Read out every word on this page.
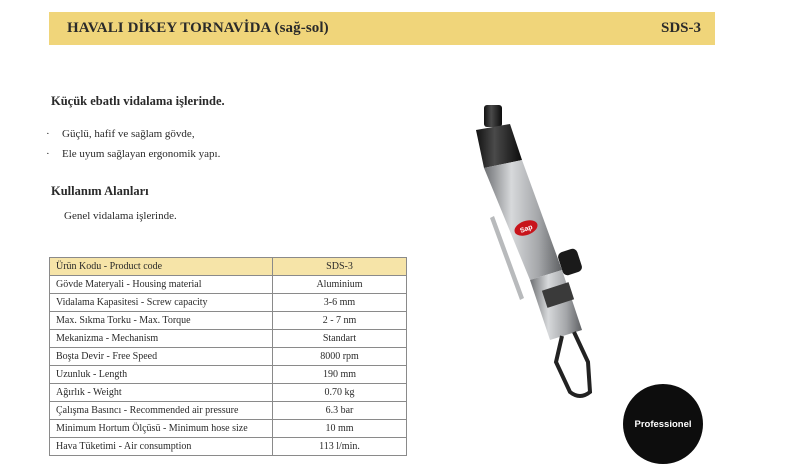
HAVALI DİKEY TORNAVİDA (sağ-sol)	SDS-3
Küçük ebatlı vidalama işlerinde.
· Güçlü, hafif ve sağlam gövde,
· Ele uyum sağlayan ergonomik yapı.
Kullanım Alanları
Genel vidalama işlerinde.
Ürün Kodu - Product code	SDS-3
Gövde Materyali - Housing material	Aluminium
Vidalama Kapasitesi - Screw capacity	3-6 mm
Max. Sıkma Torku - Max. Torque	2 - 7 nm
Mekanizma - Mechanism	Standart
Boşta Devir - Free Speed	8000 rpm
Uzunluk - Length	190 mm
Ağırlık - Weight	0.70 kg
Çalışma Basıncı - Recommended air pressure	6.3 bar
Minimum Hortum Ölçüsü - Minimum hose size	10 mm
Hava Tüketimi - Air consumption	113 l/min.
Sap
Professionel
